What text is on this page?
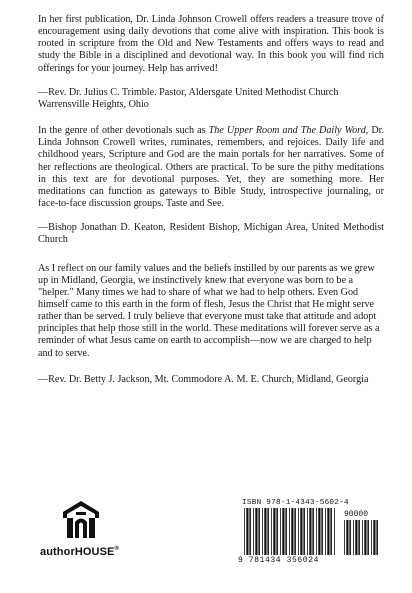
In her first publication, Dr. Linda Johnson Crowell offers readers a treasure trove of encouragement using daily devotions that come alive with inspiration. This book is rooted in scripture from the Old and New Testaments and offers ways to read and study the Bible in a disciplined and devotional way. In this book you will find rich offerings for your journey. Help has arrived!

—Rev. Dr. Julius C. Trimble. Pastor, Aldersgate United Methodist Church Warrensville Heights, Ohio

In the genre of other devotionals such as The Upper Room and The Daily Word, Dr. Linda Johnson Crowell writes, ruminates, remembers, and rejoices. Daily life and childhood years, Scripture and God are the main portals for her narratives. Some of her reflections are theological. Others are practical. To be sure the pithy meditations in this text are for devotional purposes. Yet, they are something more. Her meditations can function as gateways to Bible Study, introspective journaling, or face-to-face discussion groups. Taste and See.

—Bishop Jonathan D. Keaton, Resident Bishop, Michigan Area, United Methodist Church

As I reflect on our family values and the beliefs instilled by our parents as we grew up in Midland, Georgia, we instinctively knew that everyone was born to be a "helper." Many times we had to share of what we had to help others. Even God himself came to this earth in the form of flesh, Jesus the Christ that He might serve rather than be served. I truly believe that everyone must take that attitude and adopt principles that help those still in the world. These meditations will forever serve as a reminder of what Jesus came on earth to accomplish—now we are charged to help and to serve.

—Rev. Dr. Betty J. Jackson, Mt. Commodore A. M. E. Church, Midland, Georgia

authorHOUSE®
ISBN 978-1-4343-5602-4
90000
9 781434 356024
